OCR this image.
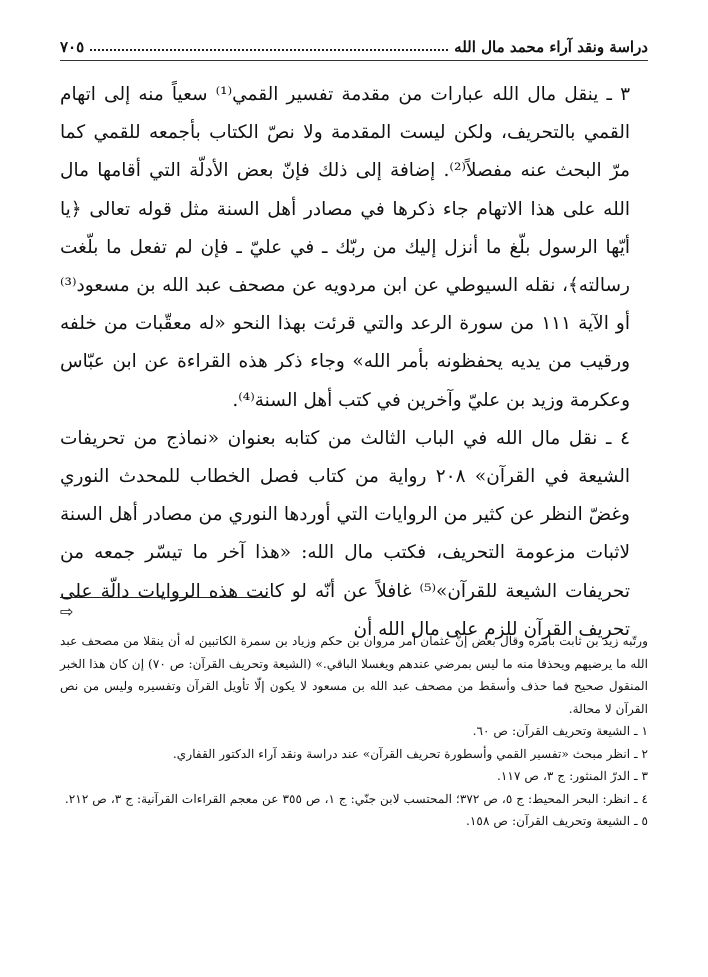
دراسة ونقد آراء محمد مال الله
٧٠٥

٣ ـ ينقل مال الله عبارات من مقدمة تفسير القمي⁽¹⁾ سعياً منه إلى اتهام القمي بالتحريف، ولكن ليست المقدمة ولا نصّ الكتاب بأجمعه للقمي كما مرّ البحث عنه مفصلاً⁽²⁾. إضافة إلى ذلك فإنّ بعض الأدلّة التي أقامها مال الله على هذا الاتهام جاء ذكرها في مصادر أهل السنة مثل قوله تعالى ﴿يا أيّها الرسول بلّغ ما أنزل إليك من ربّك ـ في عليّ ـ فإن لم تفعل ما بلّغت رسالته﴾، نقله السيوطي عن ابن مردويه عن مصحف عبد الله بن مسعود⁽³⁾ أو الآية ١١١ من سورة الرعد والتي قرئت بهذا النحو «له معقّبات من خلفه ورقيب من يديه يحفظونه بأمر الله» وجاء ذكر هذه القراءة عن ابن عبّاس وعكرمة وزيد بن عليّ وآخرين في كتب أهل السنة⁽⁴⁾.

٤ ـ نقل مال الله في الباب الثالث من كتابه بعنوان «نماذج من تحريفات الشيعة في القرآن» ٢٠٨ رواية من كتاب فصل الخطاب للمحدث النوري وغضّ النظر عن كثير من الروايات التي أوردها النوري من مصادر أهل السنة لاثبات مزعومة التحريف، فكتب مال الله: «هذا آخر ما تيسّر جمعه من تحريفات الشيعة للقرآن»⁽⁵⁾ غافلاً عن أنّه لو كانت هذه الروايات دالّة على تحريف القرآن للزم على مال الله أن

⇨

ورتّبه زيد بن ثابت بأمره وقال بعض إنّ عثمان أمر مروان بن حكم وزياد بن سمرة الكاتبين له أن ينقلا من مصحف عبد الله ما يرضيهم ويحذفا منه ما ليس بمرضي عندهم ويغسلا الباقي.» (الشيعة وتحريف القرآن: ص ٧٠) إن كان هذا الخبر المنقول صحيح فما حذف وأسقط من مصحف عبد الله بن مسعود لا يكون إلّا تأويل القرآن وتفسيره وليس من نص القرآن لا محالة.

١ ـ الشيعة وتحريف القرآن: ص ٦٠.

٢ ـ انظر مبحث «تفسير القمي وأسطورة تحريف القرآن» عند دراسة ونقد آراء الدكتور القفاري.

٣ ـ الدرّ المنثور: ج ٣، ص ١١٧.

٤ ـ انظر: البحر المحيط: ج ٥، ص ٣٧٢؛ المحتسب لابن جنّي: ج ١، ص ٣٥٥ عن معجم القراءات القرآنية: ج ٣، ص ٢١٢.

٥ ـ الشيعة وتحريف القرآن: ص ١٥٨.
